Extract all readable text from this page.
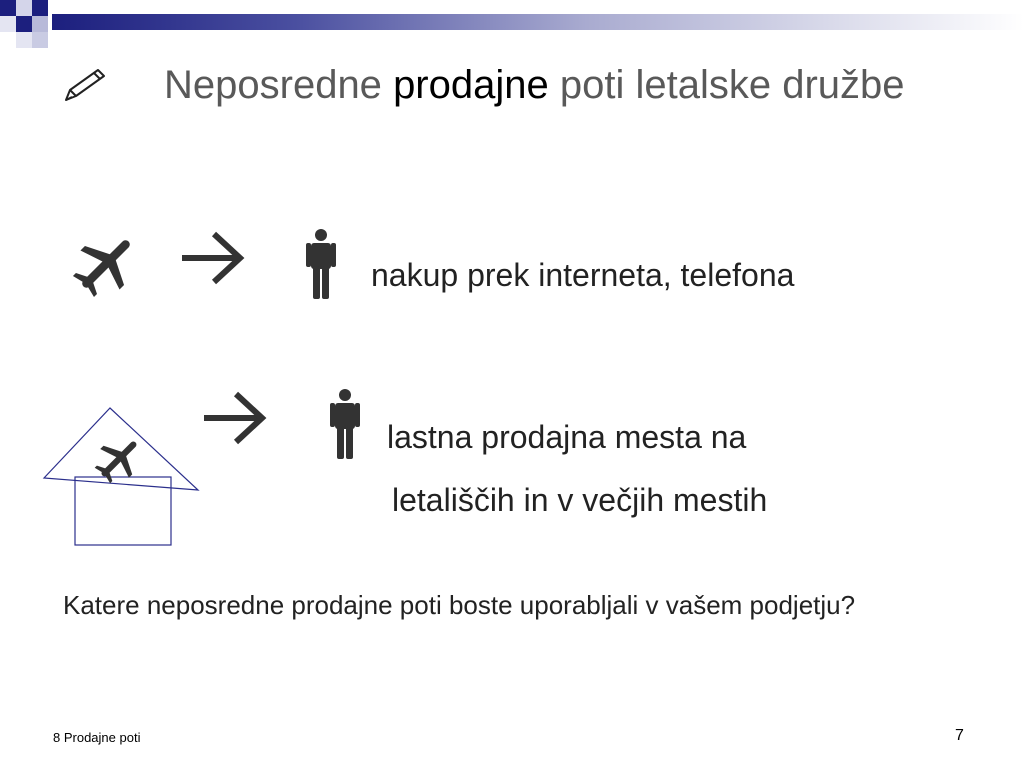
Neposredne prodajne poti letalske družbe
nakup prek interneta, telefona
lastna prodajna mesta na
letališčih in v večjih mestih
Katere neposredne prodajne poti boste uporabljali v vašem podjetju?
8 Prodajne poti	7
